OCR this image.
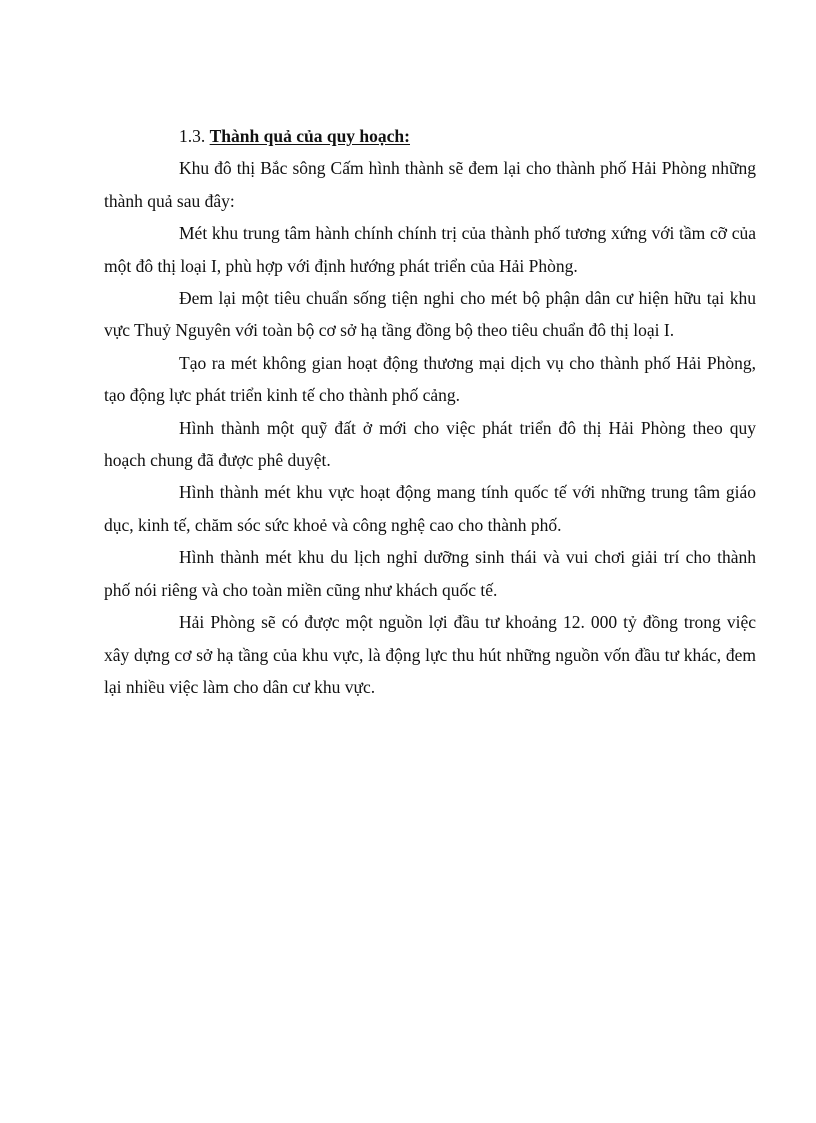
1.3. Thành quả của quy hoạch:

Khu đô thị Bắc sông Cấm hình thành sẽ đem lại cho thành phố Hải Phòng những thành quả sau đây:

Mét khu trung tâm hành chính chính trị của thành phố tương xứng với tầm cỡ của một đô thị loại I, phù hợp với định hướng phát triển của Hải Phòng.

Đem lại một tiêu chuẩn sống tiện nghi cho mét bộ phận dân cư hiện hữu tại khu vực Thuỷ Nguyên với toàn bộ cơ sở hạ tầng đồng bộ theo tiêu chuẩn đô thị loại I.

Tạo ra mét không gian hoạt động thương mại dịch vụ cho thành phố Hải Phòng, tạo động lực phát triển kinh tế cho thành phố cảng.

Hình thành một quỹ đất ở mới cho việc phát triển đô thị Hải Phòng theo quy hoạch chung đã được phê duyệt.

Hình thành mét khu vực hoạt động mang tính quốc tế với những trung tâm giáo dục, kinh tế, chăm sóc sức khoẻ và công nghệ cao cho thành phố.

Hình thành mét khu du lịch nghỉ dưỡng sinh thái và vui chơi giải trí cho thành phố nói riêng và cho toàn miền cũng như khách quốc tế.

Hải Phòng sẽ có được một nguồn lợi đầu tư khoảng 12. 000 tỷ đồng trong việc xây dựng cơ sở hạ tầng của khu vực, là động lực thu hút những nguồn vốn đầu tư khác, đem lại nhiều việc làm cho dân cư khu vực.
